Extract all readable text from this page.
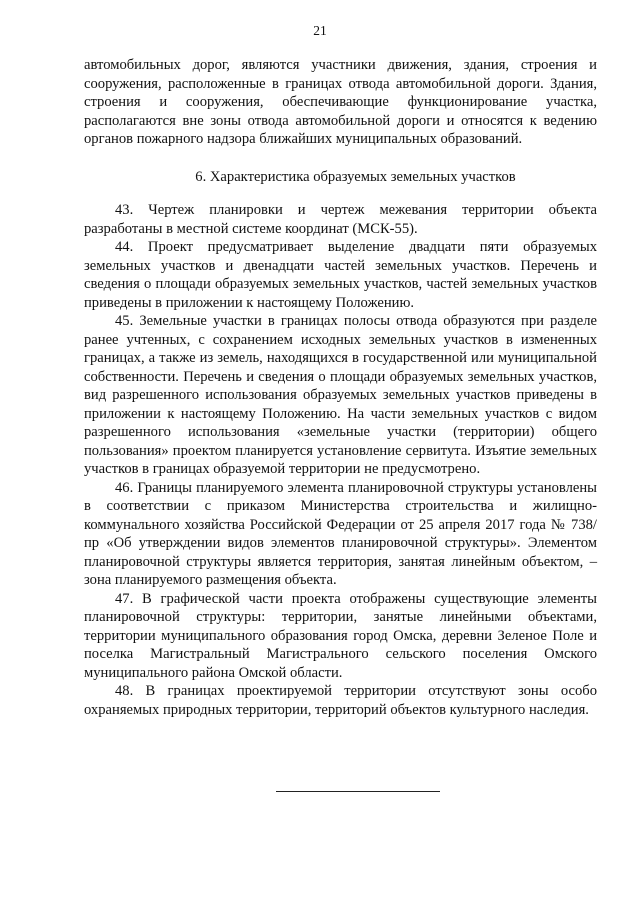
21

автомобильных дорог, являются участники движения, здания, строения и сооружения, расположенные в границах отвода автомобильной дороги. Здания, строения и сооружения, обеспечивающие функционирование участка, располагаются вне зоны отвода автомобильной дороги и относятся к ведению органов пожарного надзора ближайших муниципальных образований.

6. Характеристика образуемых земельных участков

43. Чертеж планировки и чертеж межевания территории объекта разработаны в местной системе координат (МСК-55).

44. Проект предусматривает выделение двадцати пяти образуемых земельных участков и двенадцати частей земельных участков. Перечень и сведения о площади образуемых земельных участков, частей земельных участков приведены в приложении к настоящему Положению.

45. Земельные участки в границах полосы отвода образуются при разделе ранее учтенных, с сохранением исходных земельных участков в измененных границах, а также из земель, находящихся в государственной или муниципальной собственности. Перечень и сведения о площади образуемых земельных участков, вид разрешенного использования образуемых земельных участков приведены в приложении к настоящему Положению. На части земельных участков с видом разрешенного использования «земельные участки (территории) общего пользования» проектом планируется установление сервитута. Изъятие земельных участков в границах образуемой территории не предусмотрено.

46. Границы планируемого элемента планировочной структуры установлены в соответствии с приказом Министерства строительства и жилищно-коммунального хозяйства Российской Федерации от 25 апреля 2017 года № 738/пр «Об утверждении видов элементов планировочной структуры». Элементом планировочной структуры является территория, занятая линейным объектом, – зона планируемого размещения объекта.

47. В графической части проекта отображены существующие элементы планировочной структуры: территории, занятые линейными объектами, территории муниципального образования город Омска, деревни Зеленое Поле и поселка Магистральный Магистрального сельского поселения Омского муниципального района Омской области.

48. В границах проектируемой территории отсутствуют зоны особо охраняемых природных территории, территорий объектов культурного наследия.
